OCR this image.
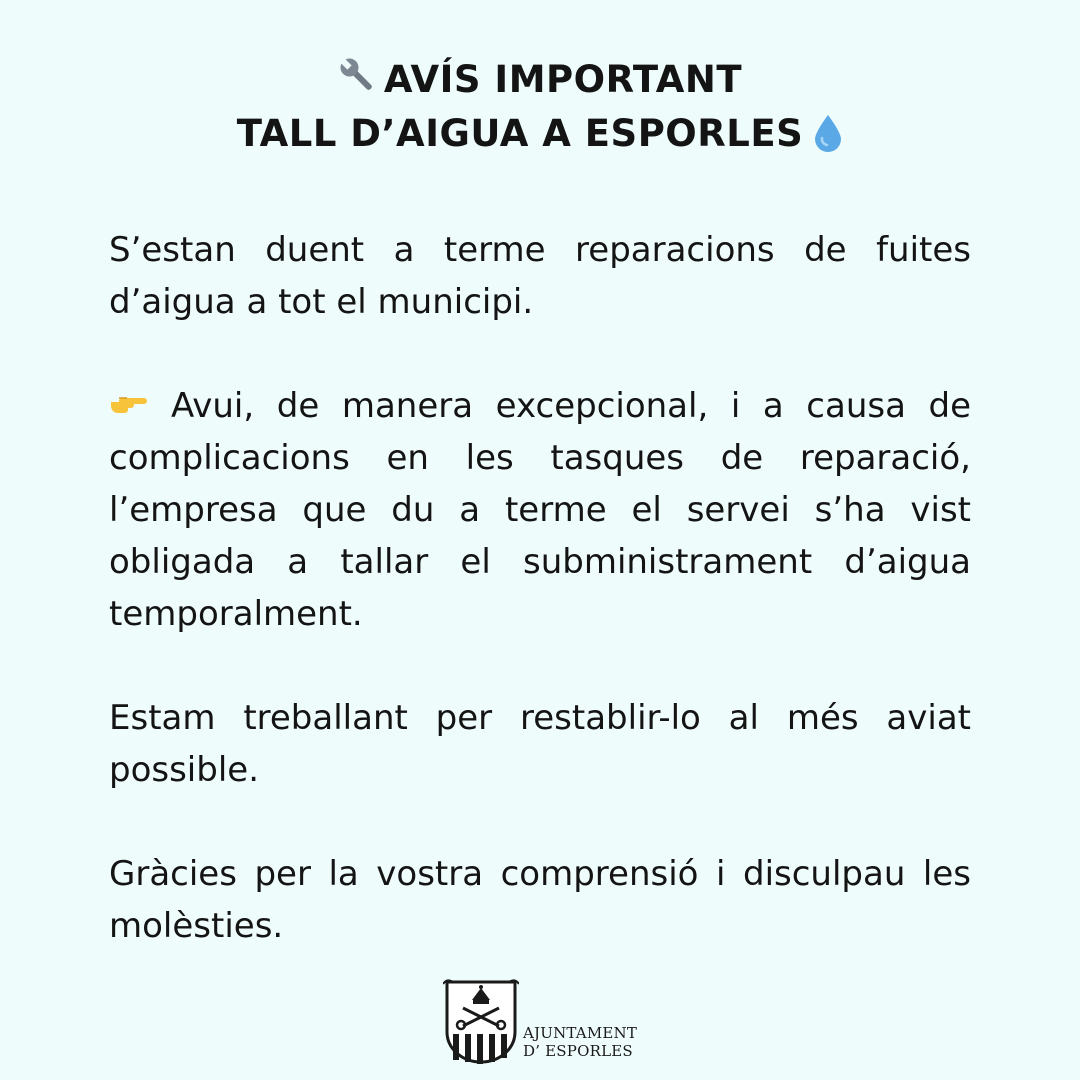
AVÍS IMPORTANT
TALL D’AIGUA A ESPORLES

S’estan duent a terme reparacions de fuites d’aigua a tot el municipi.

Avui, de manera excepcional, i a causa de complicacions en les tasques de reparació, l’empresa que du a terme el servei s’ha vist obligada a tallar el subministrament d’aigua temporalment.

Estam treballant per restablir-lo al més aviat possible.

Gràcies per la vostra comprensió i disculpau les molèsties.

AJUNTAMENT
D’ ESPORLES
